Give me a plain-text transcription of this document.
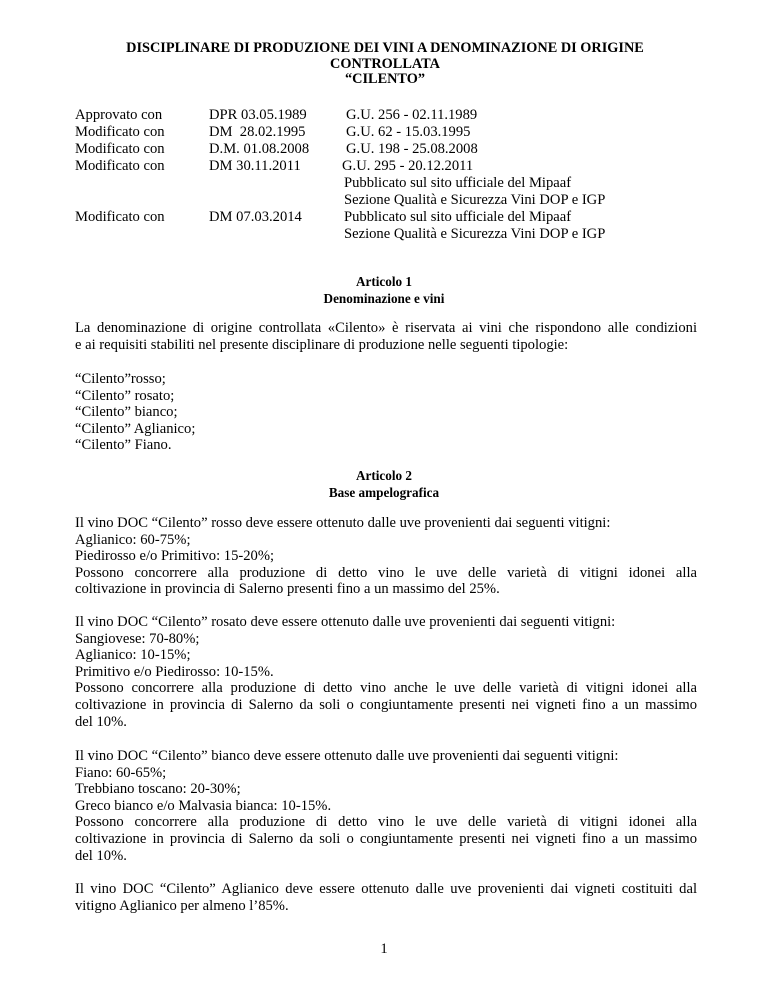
DISCIPLINARE DI PRODUZIONE DEI VINI A DENOMINAZIONE DI ORIGINE
CONTROLLATA
“CILENTO”
Approvato con	DPR 03.05.1989	G.U. 256 - 02.11.1989
Modificato con	DM  28.02.1995	G.U. 62 - 15.03.1995
Modificato con	D.M. 01.08.2008	G.U. 198 - 25.08.2008
Modificato con	DM 30.11.2011	G.U. 295 - 20.12.2011
Pubblicato sul sito ufficiale del Mipaaf
Sezione Qualità e Sicurezza Vini DOP e IGP
Modificato con	DM 07.03.2014	Pubblicato sul sito ufficiale del Mipaaf
Sezione Qualità e Sicurezza Vini DOP e IGP
Articolo 1
Denominazione e vini
La denominazione di origine controllata «Cilento» è riservata ai vini che rispondono alle condizioni
e ai requisiti stabiliti nel presente disciplinare di produzione nelle seguenti tipologie:
“Cilento”rosso;
“Cilento” rosato;
“Cilento” bianco;
“Cilento” Aglianico;
“Cilento” Fiano.
Articolo 2
Base ampelografica
Il vino DOC “Cilento” rosso deve essere ottenuto dalle uve provenienti dai seguenti vitigni:
Aglianico: 60-75%;
Piedirosso e/o Primitivo: 15-20%;
Possono concorrere alla produzione di detto vino le uve delle varietà di vitigni idonei alla
coltivazione in provincia di Salerno presenti fino a un massimo del 25%.
Il vino DOC “Cilento” rosato deve essere ottenuto dalle uve provenienti dai seguenti vitigni:
Sangiovese: 70-80%;
Aglianico: 10-15%;
Primitivo e/o Piedirosso: 10-15%.
Possono concorrere alla produzione di detto vino anche le uve delle varietà di vitigni idonei alla
coltivazione in provincia di Salerno da soli o congiuntamente presenti nei vigneti fino a un massimo
del 10%.
Il vino DOC “Cilento” bianco deve essere ottenuto dalle uve provenienti dai seguenti vitigni:
Fiano: 60-65%;
Trebbiano toscano: 20-30%;
Greco bianco e/o Malvasia bianca: 10-15%.
Possono concorrere alla produzione di detto vino le uve delle varietà di vitigni idonei alla
coltivazione in provincia di Salerno da soli o congiuntamente presenti nei vigneti fino a un massimo
del 10%.
Il vino DOC “Cilento” Aglianico deve essere ottenuto dalle uve provenienti dai vigneti costituiti dal
vitigno Aglianico per almeno l’85%.
1
